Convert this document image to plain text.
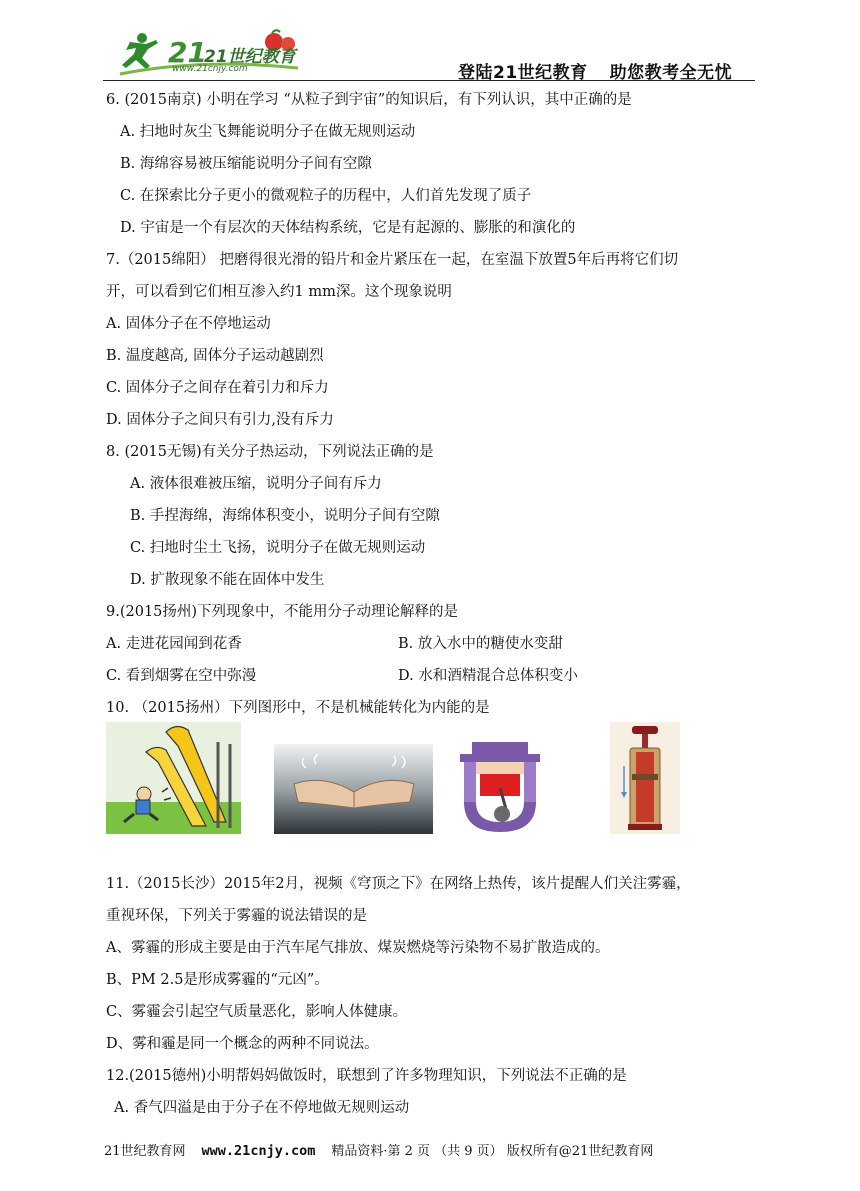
21
21世纪教育
www.21cnjy.com	登陆21世纪教育 助您教考全无忧
6. (2015南京) 小明在学习 “从粒子到宇宙”的知识后，有下列认识，其中正确的是
A. 扫地时灰尘飞舞能说明分子在做无规则运动
B. 海绵容易被压缩能说明分子间有空隙
C. 在探索比分子更小的微观粒子的历程中，人们首先发现了质子
D. 宇宙是一个有层次的天体结构系统，它是有起源的、膨胀的和演化的
7.（2015绵阳） 把磨得很光滑的铅片和金片紧压在一起，在室温下放置5年后再将它们切
开，可以看到它们相互渗入约1 mm深。这个现象说明
A. 固体分子在不停地运动
B. 温度越高, 固体分子运动越剧烈
C. 固体分子之间存在着引力和斥力
D. 固体分子之间只有引力,没有斥力
8. (2015无锡)有关分子热运动，下列说法正确的是
A. 液体很难被压缩，说明分子间有斥力
B. 手捏海绵，海绵体积变小，说明分子间有空隙
C. 扫地时尘土飞扬，说明分子在做无规则运动
D. 扩散现象不能在固体中发生
9.(2015扬州)下列现象中，不能用分子动理论解释的是
A. 走进花园闻到花香	B. 放入水中的糖使水变甜
C. 看到烟雾在空中弥漫	D. 水和酒精混合总体积变小
10. （2015扬州）下列图形中，不是机械能转化为内能的是
11.（2015长沙）2015年2月，视频《穹顶之下》在网络上热传，该片提醒人们关注雾霾，
重视环保，下列关于雾霾的说法错误的是
A、雾霾的形成主要是由于汽车尾气排放、煤炭燃烧等污染物不易扩散造成的。
B、PM 2.5是形成雾霾的“元凶”。
C、雾霾会引起空气质量恶化，影响人体健康。
D、雾和霾是同一个概念的两种不同说法。
12.(2015德州)小明帮妈妈做饭时，联想到了许多物理知识，下列说法不正确的是
A. 香气四溢是由于分子在不停地做无规则运动
21世纪教育网 www.21cnjy.com 精品资料·第 2 页 （共 9 页） 版权所有@21世纪教育网
